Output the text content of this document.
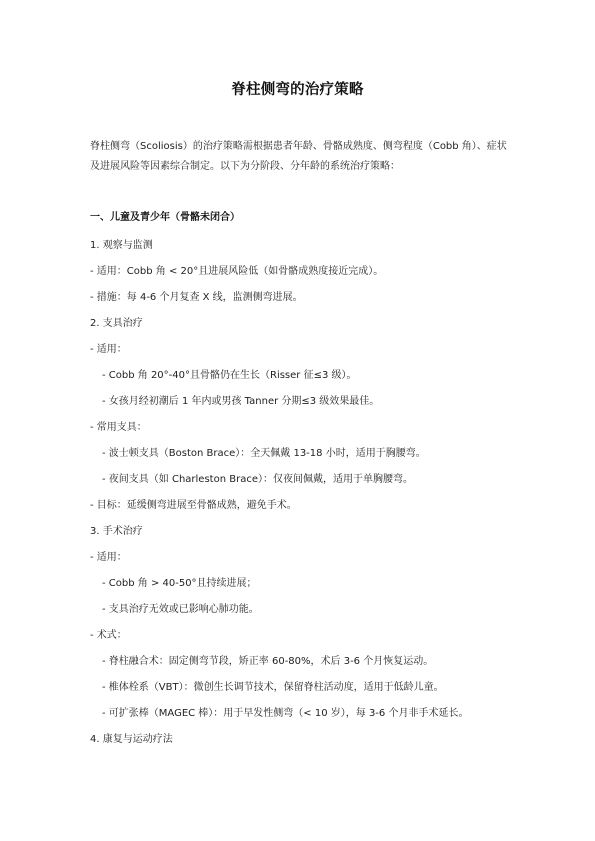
脊柱侧弯的治疗策略

脊柱侧弯（Scoliosis）的治疗策略需根据患者年龄、骨骼成熟度、侧弯程度（Cobb 角）、症状及进展风险等因素综合制定。以下为分阶段、分年龄的系统治疗策略：

一、儿童及青少年（骨骼未闭合）
1. 观察与监测
- 适用：Cobb 角 < 20°且进展风险低（如骨骼成熟度接近完成）。
- 措施：每 4-6 个月复查 X 线，监测侧弯进展。
2. 支具治疗
- 适用：
- Cobb 角 20°-40°且骨骼仍在生长（Risser 征≤3 级）。
- 女孩月经初潮后 1 年内或男孩 Tanner 分期≤3 级效果最佳。
- 常用支具：
- 波士顿支具（Boston Brace）：全天佩戴 13-18 小时，适用于胸腰弯。
- 夜间支具（如 Charleston Brace）：仅夜间佩戴，适用于单胸腰弯。
- 目标：延缓侧弯进展至骨骼成熟，避免手术。
3. 手术治疗
- 适用：
- Cobb 角 > 40-50°且持续进展；
- 支具治疗无效或已影响心肺功能。
- 术式：
- 脊柱融合术：固定侧弯节段，矫正率 60-80%，术后 3-6 个月恢复运动。
- 椎体栓系（VBT）：微创生长调节技术，保留脊柱活动度，适用于低龄儿童。
- 可扩张棒（MAGEC 棒）：用于早发性侧弯（< 10 岁），每 3-6 个月非手术延长。
4. 康复与运动疗法
